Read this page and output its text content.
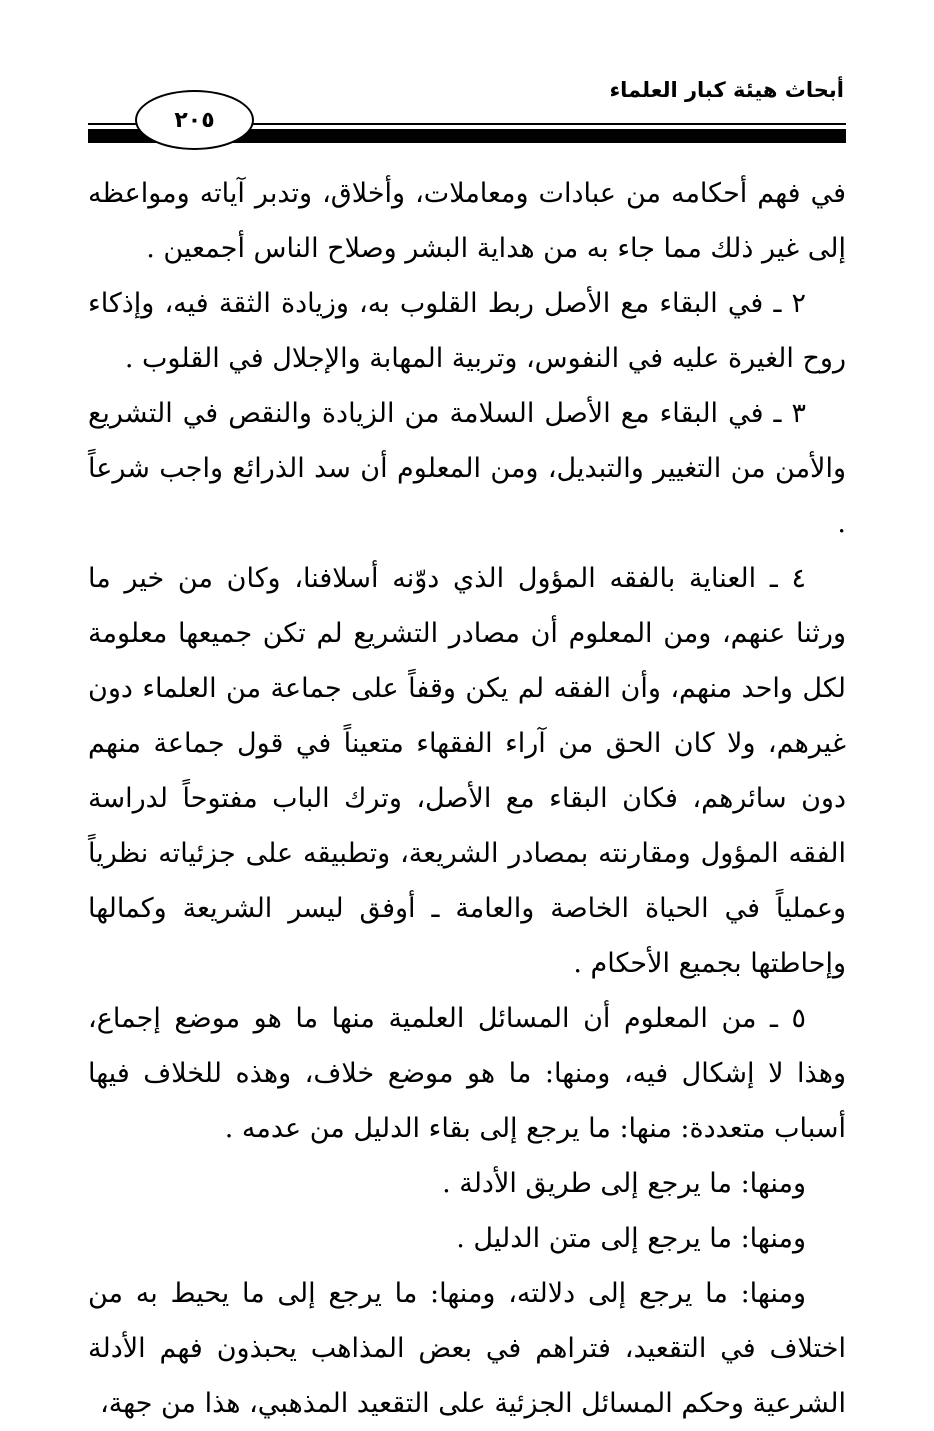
أبحاث هيئة كبار العلماء
٢٠٥

في فهم أحكامه من عبادات ومعاملات، وأخلاق، وتدبر آياته ومواعظه إلى غير ذلك مما جاء به من هداية البشر وصلاح الناس أجمعين .

٢ ـ في البقاء مع الأصل ربط القلوب به، وزيادة الثقة فيه، وإذكاء روح الغيرة عليه في النفوس، وتربية المهابة والإجلال في القلوب .

٣ ـ في البقاء مع الأصل السلامة من الزيادة والنقص في التشريع والأمن من التغيير والتبديل، ومن المعلوم أن سد الذرائع واجب شرعاً .

٤ ـ العناية بالفقه المؤول الذي دوّنه أسلافنا، وكان من خير ما ورثنا عنهم، ومن المعلوم أن مصادر التشريع لم تكن جميعها معلومة لكل واحد منهم، وأن الفقه لم يكن وقفاً على جماعة من العلماء دون غيرهم، ولا كان الحق من آراء الفقهاء متعيناً في قول جماعة منهم دون سائرهم، فكان البقاء مع الأصل، وترك الباب مفتوحاً لدراسة الفقه المؤول ومقارنته بمصادر الشريعة، وتطبيقه على جزئياته نظرياً وعملياً في الحياة الخاصة والعامة ـ أوفق ليسر الشريعة وكمالها وإحاطتها بجميع الأحكام .

٥ ـ من المعلوم أن المسائل العلمية منها ما هو موضع إجماع، وهذا لا إشكال فيه، ومنها: ما هو موضع خلاف، وهذه للخلاف فيها أسباب متعددة: منها: ما يرجع إلى بقاء الدليل من عدمه .

ومنها: ما يرجع إلى طريق الأدلة .

ومنها: ما يرجع إلى متن الدليل .

ومنها: ما يرجع إلى دلالته، ومنها: ما يرجع إلى ما يحيط به من اختلاف في التقعيد، فتراهم في بعض المذاهب يحبذون فهم الأدلة الشرعية وحكم المسائل الجزئية على التقعيد المذهبي، هذا من جهة،
